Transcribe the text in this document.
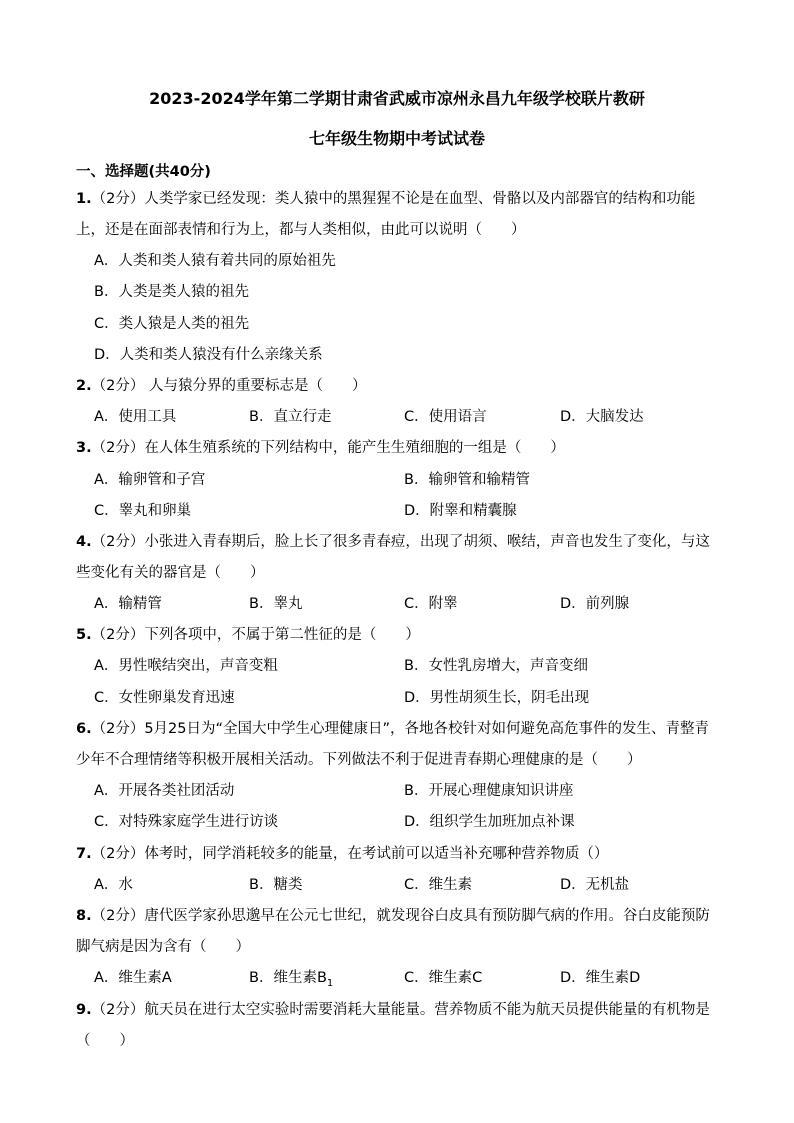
2023-2024学年第二学期甘肃省武威市凉州永昌九年级学校联片教研
七年级生物期中考试试卷
一、选择题(共40分)
1.（2分）人类学家已经发现：类人猿中的黑猩猩不论是在血型、骨骼以及内部器官的结构和功能
上，还是在面部表情和行为上，都与人类相似，由此可以说明（　　）
A．人类和类人猿有着共同的原始祖先
B．人类是类人猿的祖先
C．类人猿是人类的祖先
D．人类和类人猿没有什么亲缘关系
2.（2分） 人与猿分界的重要标志是（　　）
A．使用工具	B．直立行走	C．使用语言	D．大脑发达
3.（2分）在人体生殖系统的下列结构中，能产生生殖细胞的一组是（　　）
A．输卵管和子宫	B．输卵管和输精管
C．睾丸和卵巢	D．附睾和精囊腺
4.（2分）小张进入青春期后，脸上长了很多青春痘，出现了胡须、喉结，声音也发生了变化，与这
些变化有关的器官是（　　）
A．输精管	B．睾丸	C．附睾	D．前列腺
5.（2分）下列各项中，不属于第二性征的是（　　）
A．男性喉结突出，声音变粗	B．女性乳房增大，声音变细
C．女性卵巢发育迅速	D．男性胡须生长，阴毛出现
6.（2分）5月25日为“全国大中学生心理健康日”，各地各校针对如何避免高危事件的发生、青整青
少年不合理情绪等积极开展相关活动。下列做法不利于促进青春期心理健康的是（　　）
A．开展各类社团活动	B．开展心理健康知识讲座
C．对特殊家庭学生进行访谈	D．组织学生加班加点补课
7.（2分）体考时，同学消耗较多的能量，在考试前可以适当补充哪种营养物质（）
A．水	B．糖类	C．维生素	D．无机盐
8.（2分）唐代医学家孙思邈早在公元七世纪，就发现谷白皮具有预防脚气病的作用。谷白皮能预防
脚气病是因为含有（　　）
A．维生素A	B．维生素$B_1$	C．维生素C	D．维生素D
9.（2分）航天员在进行太空实验时需要消耗大量能量。营养物质不能为航天员提供能量的有机物是
（　　）
